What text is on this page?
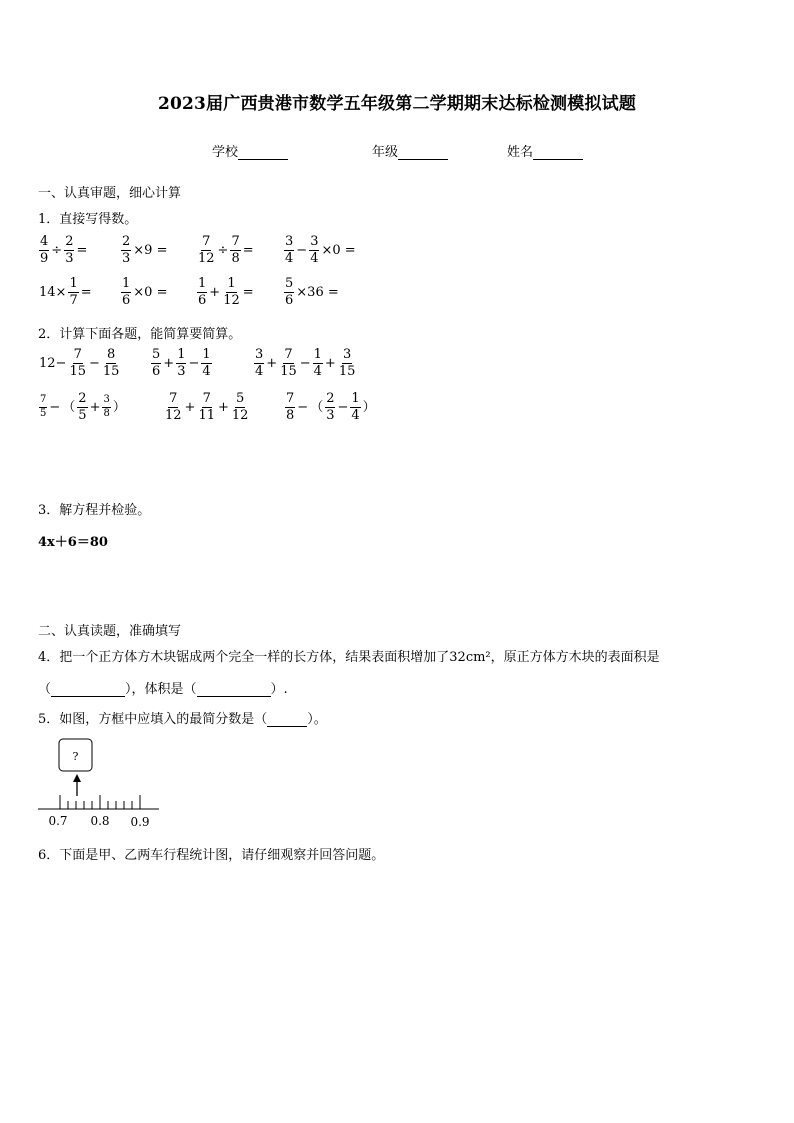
2023届广西贵港市数学五年级第二学期期末达标检测模拟试题
学校	年级	姓名
一、认真审题，细心计算
1．直接写得数。
$\frac{4}{9} \div \frac{2}{3}$ =	$\frac{2}{3} \times 9 = \frac{7}{12} \div \frac{7}{8} = \frac{3}{4} - \frac{3}{4} \times 0$ =
$14\times \frac{1}{7} = \frac{1}{6} \times 0 = \frac{1}{6} + \frac{1}{12} = \frac{5}{6} \times 36$ =
2．计算下面各题，能简算要简算。
$12- \frac{7}{15} - \frac{8}{15} \frac{5}{6} + \frac{1}{3} - \frac{1}{4}$	$\frac{3}{4} + \frac{7}{15} - \frac{1}{4} + \frac{3}{15}$
$\frac{7}{5}$ − （ $\frac{2}{5} + \frac{3}{8}$ ）	$\frac{7}{12} + \frac{7}{11} + \frac{5}{12}$	$\frac{7}{8}$ − （ $\frac{2}{3} - \frac{1}{4}$ ）
3．解方程并检验。
4x＋6＝80
二、认真读题，准确填写
4．把一个正方体方木块锯成两个完全一样的长方体，结果表面积增加了32cm²，原正方体方木块的表面积是
（	），体积是（	）.
5．如图，方框中应填入的最简分数是（	）。
?
0.7 0.8 0.9
6．下面是甲、乙两车行程统计图，请仔细观察并回答问题。
